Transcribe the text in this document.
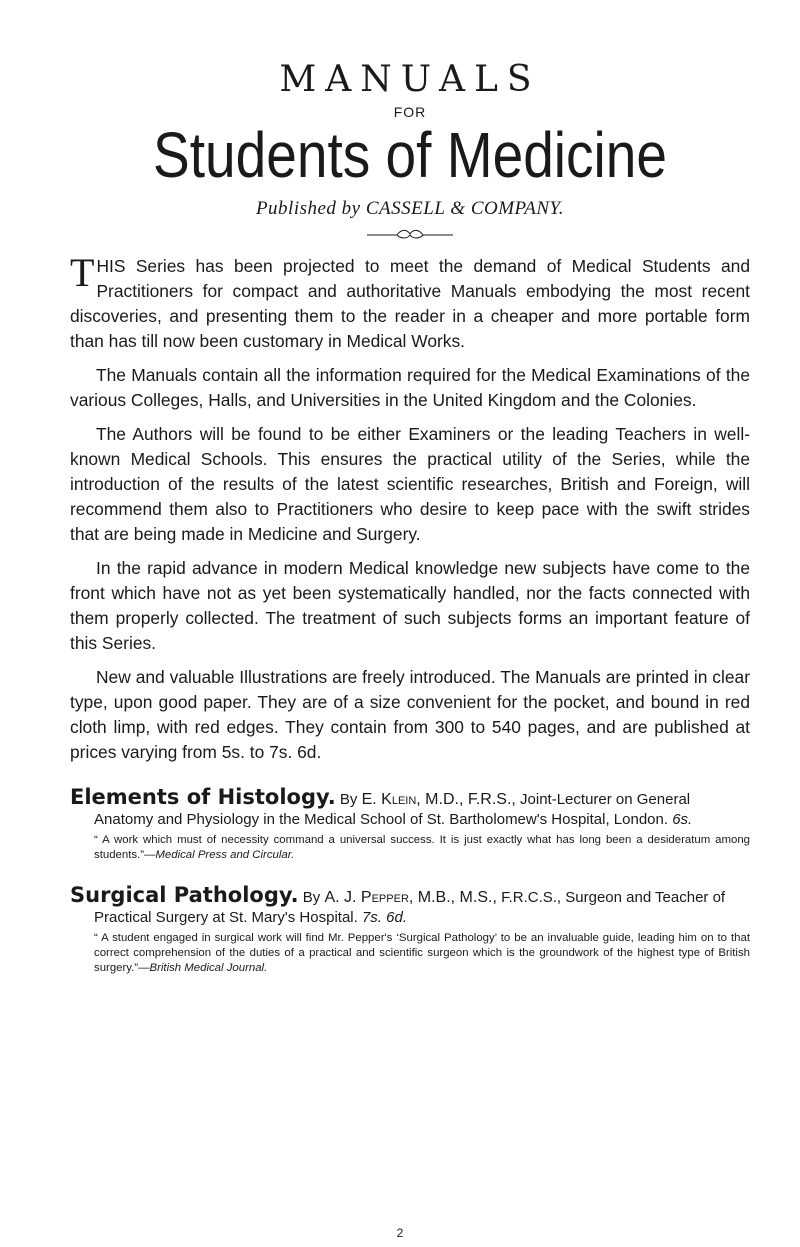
MANUALS
FOR
Students of Medicine
Published by CASSELL & COMPANY.

THIS Series has been projected to meet the demand of Medical Students and Practitioners for compact and authoritative Manuals embodying the most recent discoveries, and presenting them to the reader in a cheaper and more portable form than has till now been customary in Medical Works.

The Manuals contain all the information required for the Medical Examinations of the various Colleges, Halls, and Universities in the United Kingdom and the Colonies.

The Authors will be found to be either Examiners or the leading Teachers in well-known Medical Schools. This ensures the practical utility of the Series, while the introduction of the results of the latest scientific researches, British and Foreign, will recommend them also to Practitioners who desire to keep pace with the swift strides that are being made in Medicine and Surgery.

In the rapid advance in modern Medical knowledge new subjects have come to the front which have not as yet been systematically handled, nor the facts connected with them properly collected. The treatment of such subjects forms an important feature of this Series.

New and valuable Illustrations are freely introduced. The Manuals are printed in clear type, upon good paper. They are of a size convenient for the pocket, and bound in red cloth limp, with red edges. They contain from 300 to 540 pages, and are published at prices varying from 5s. to 7s. 6d.

Elements of Histology. By E. Klein, M.D., F.R.S., Joint-Lecturer on General Anatomy and Physiology in the Medical School of St. Bartholomew's Hospital, London. 6s.
“ A work which must of necessity command a universal success. It is just exactly what has long been a desideratum among students.”—Medical Press and Circular.
Surgical Pathology. By A. J. Pepper, M.B., M.S., F.R.C.S., Surgeon and Teacher of Practical Surgery at St. Mary's Hospital. 7s. 6d.
“ A student engaged in surgical work will find Mr. Pepper's ‘Surgical Pathology’ to be an invaluable guide, leading him on to that correct comprehension of the duties of a practical and scientific surgeon which is the groundwork of the highest type of British surgery.”—British Medical Journal.
2
